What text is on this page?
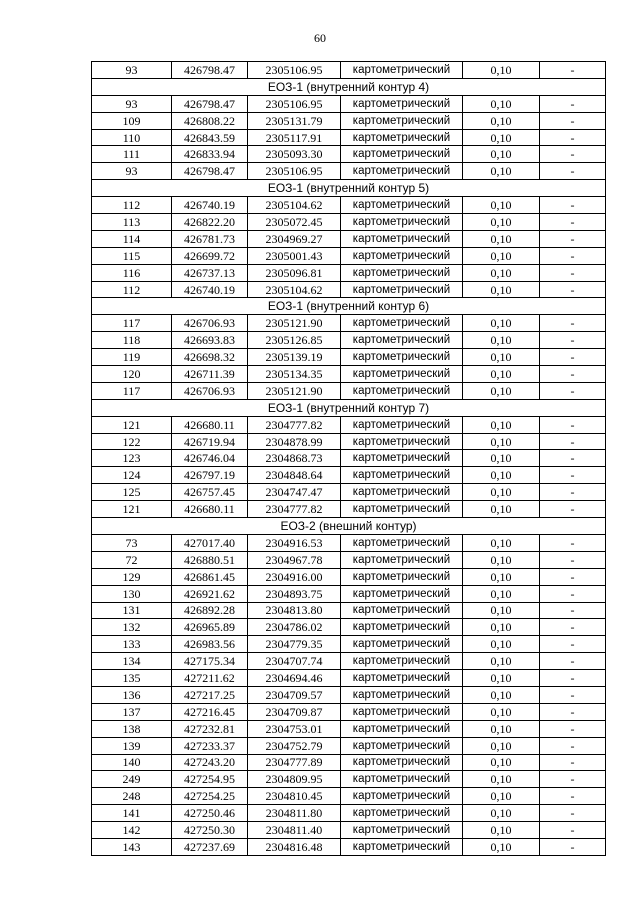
60
93	426798.47	2305106.95	картометрический	0,10	-
ЕОЗ-1 (внутренний контур 4)					
93	426798.47	2305106.95	картометрический	0,10	-
109	426808.22	2305131.79	картометрический	0,10	-
110	426843.59	2305117.91	картометрический	0,10	-
111	426833.94	2305093.30	картометрический	0,10	-
93	426798.47	2305106.95	картометрический	0,10	-
ЕОЗ-1 (внутренний контур 5)					
112	426740.19	2305104.62	картометрический	0,10	-
113	426822.20	2305072.45	картометрический	0,10	-
114	426781.73	2304969.27	картометрический	0,10	-
115	426699.72	2305001.43	картометрический	0,10	-
116	426737.13	2305096.81	картометрический	0,10	-
112	426740.19	2305104.62	картометрический	0,10	-
ЕОЗ-1 (внутренний контур 6)					
117	426706.93	2305121.90	картометрический	0,10	-
118	426693.83	2305126.85	картометрический	0,10	-
119	426698.32	2305139.19	картометрический	0,10	-
120	426711.39	2305134.35	картометрический	0,10	-
117	426706.93	2305121.90	картометрический	0,10	-
ЕОЗ-1 (внутренний контур 7)					
121	426680.11	2304777.82	картометрический	0,10	-
122	426719.94	2304878.99	картометрический	0,10	-
123	426746.04	2304868.73	картометрический	0,10	-
124	426797.19	2304848.64	картометрический	0,10	-
125	426757.45	2304747.47	картометрический	0,10	-
121	426680.11	2304777.82	картометрический	0,10	-
ЕОЗ-2 (внешний контур)					
73	427017.40	2304916.53	картометрический	0,10	-
72	426880.51	2304967.78	картометрический	0,10	-
129	426861.45	2304916.00	картометрический	0,10	-
130	426921.62	2304893.75	картометрический	0,10	-
131	426892.28	2304813.80	картометрический	0,10	-
132	426965.89	2304786.02	картометрический	0,10	-
133	426983.56	2304779.35	картометрический	0,10	-
134	427175.34	2304707.74	картометрический	0,10	-
135	427211.62	2304694.46	картометрический	0,10	-
136	427217.25	2304709.57	картометрический	0,10	-
137	427216.45	2304709.87	картометрический	0,10	-
138	427232.81	2304753.01	картометрический	0,10	-
139	427233.37	2304752.79	картометрический	0,10	-
140	427243.20	2304777.89	картометрический	0,10	-
249	427254.95	2304809.95	картометрический	0,10	-
248	427254.25	2304810.45	картометрический	0,10	-
141	427250.46	2304811.80	картометрический	0,10	-
142	427250.30	2304811.40	картометрический	0,10	-
143	427237.69	2304816.48	картометрический	0,10	-
